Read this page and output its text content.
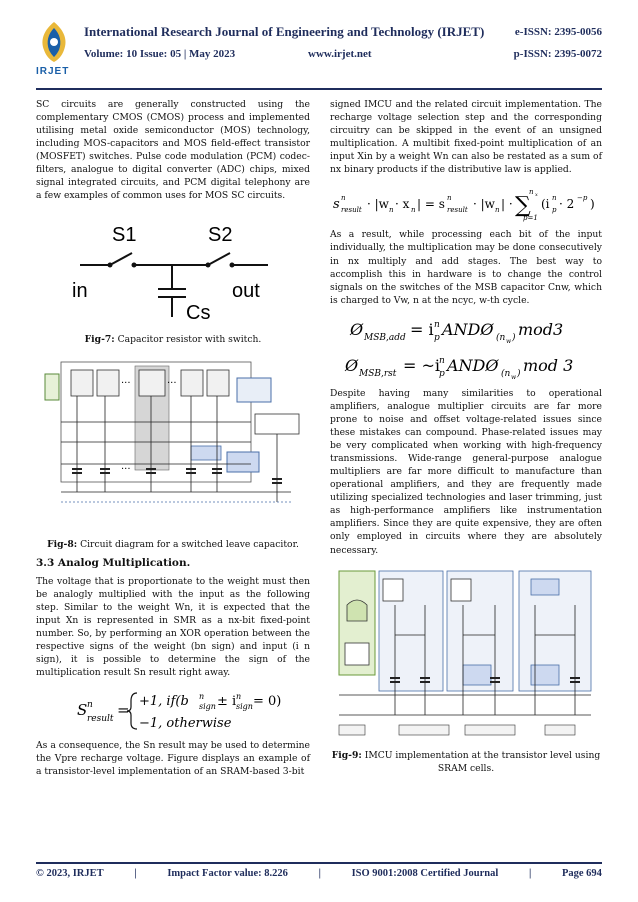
IRJET
International Research Journal of Engineering and Technology (IRJET)	e-ISSN: 2395-0056
Volume: 10 Issue: 05 | May 2023	www.irjet.net	p-ISSN: 2395-0072

SC circuits are generally constructed using the complementary CMOS (CMOS) process and implemented utilising metal oxide semiconductor (MOS) technology, including MOS-capacitors and MOS field-effect transistor (MOSFET) switches. Pulse code modulation (PCM) codec-filters, analogue to digital converter (ADC) chips, mixed signal integrated circuits, and PCM digital telephony are a few examples of common uses for MOS SC circuits.

S1	S2
in	out
Cs
Fig-7: Capacitor resistor with switch.
···	···
···
Fig-8: Circuit diagram for a switched leave capacitor.
3.3 Analog Multiplication.

The voltage that is proportionate to the weight must then be analogly multiplied with the input as the following step. Similar to the weight Wn, it is expected that the input Xn is represented in SMR as a nx-bit fixed-point number. So, by performing an XOR operation between the respective signs of the weight (bn sign) and input (i n sign), it is possible to determine the sign of the multiplication result Sn result right away.

S n
result = +1, if(b sign
n ± i n
sign = 0)
−1, otherwise

As a consequence, the Sn result may be used to determine the Vpre recharge voltage. Figure displays an example of a transistor-level implementation of an SRAM-based 3-bit

signed IMCU and the related circuit implementation. The recharge voltage selection step and the corresponding circuitry can be skipped in the event of an unsigned multiplication. A multibit fixed-point multiplication of an input Xin by a weight Wn can also be restated as a sum of nx binary products if the distributive law is applied.

s n
result · |w n · x n | = s n
result · |w n | · ∑
n x
p=1
(i n
p · 2 −p )

As a result, while processing each bit of the input individually, the multiplication may be done consecutively in nx multiply and add stages. The best way to accomplish this in hardware is to change the control signals on the switches of the MSB capacitor Cnw, which is charged to Vw, n at the ncyc, w-th cycle.

Ø MSB,add = i n
p ANDØ (n w ) mod3
Ø MSB,rst = ~i
n
p ANDØ (n w ) mod 3

Despite having many similarities to operational amplifiers, analogue multiplier circuits are far more prone to noise and offset voltage-related issues since these mistakes can compound. Phase-related issues may be very complicated when working with high-frequency transmissions. Wide-range general-purpose analogue multipliers are far more difficult to manufacture than operational amplifiers, and they are frequently made utilizing specialized technologies and laser trimming, just as high-performance amplifiers like instrumentation amplifiers. Since they are quite expensive, they are often only employed in circuits where they are absolutely necessary.

Fig-9: IMCU implementation at the transistor level using SRAM cells.
© 2023, IRJET	|	Impact Factor value: 8.226	|	ISO 9001:2008 Certified Journal	|	Page 694
